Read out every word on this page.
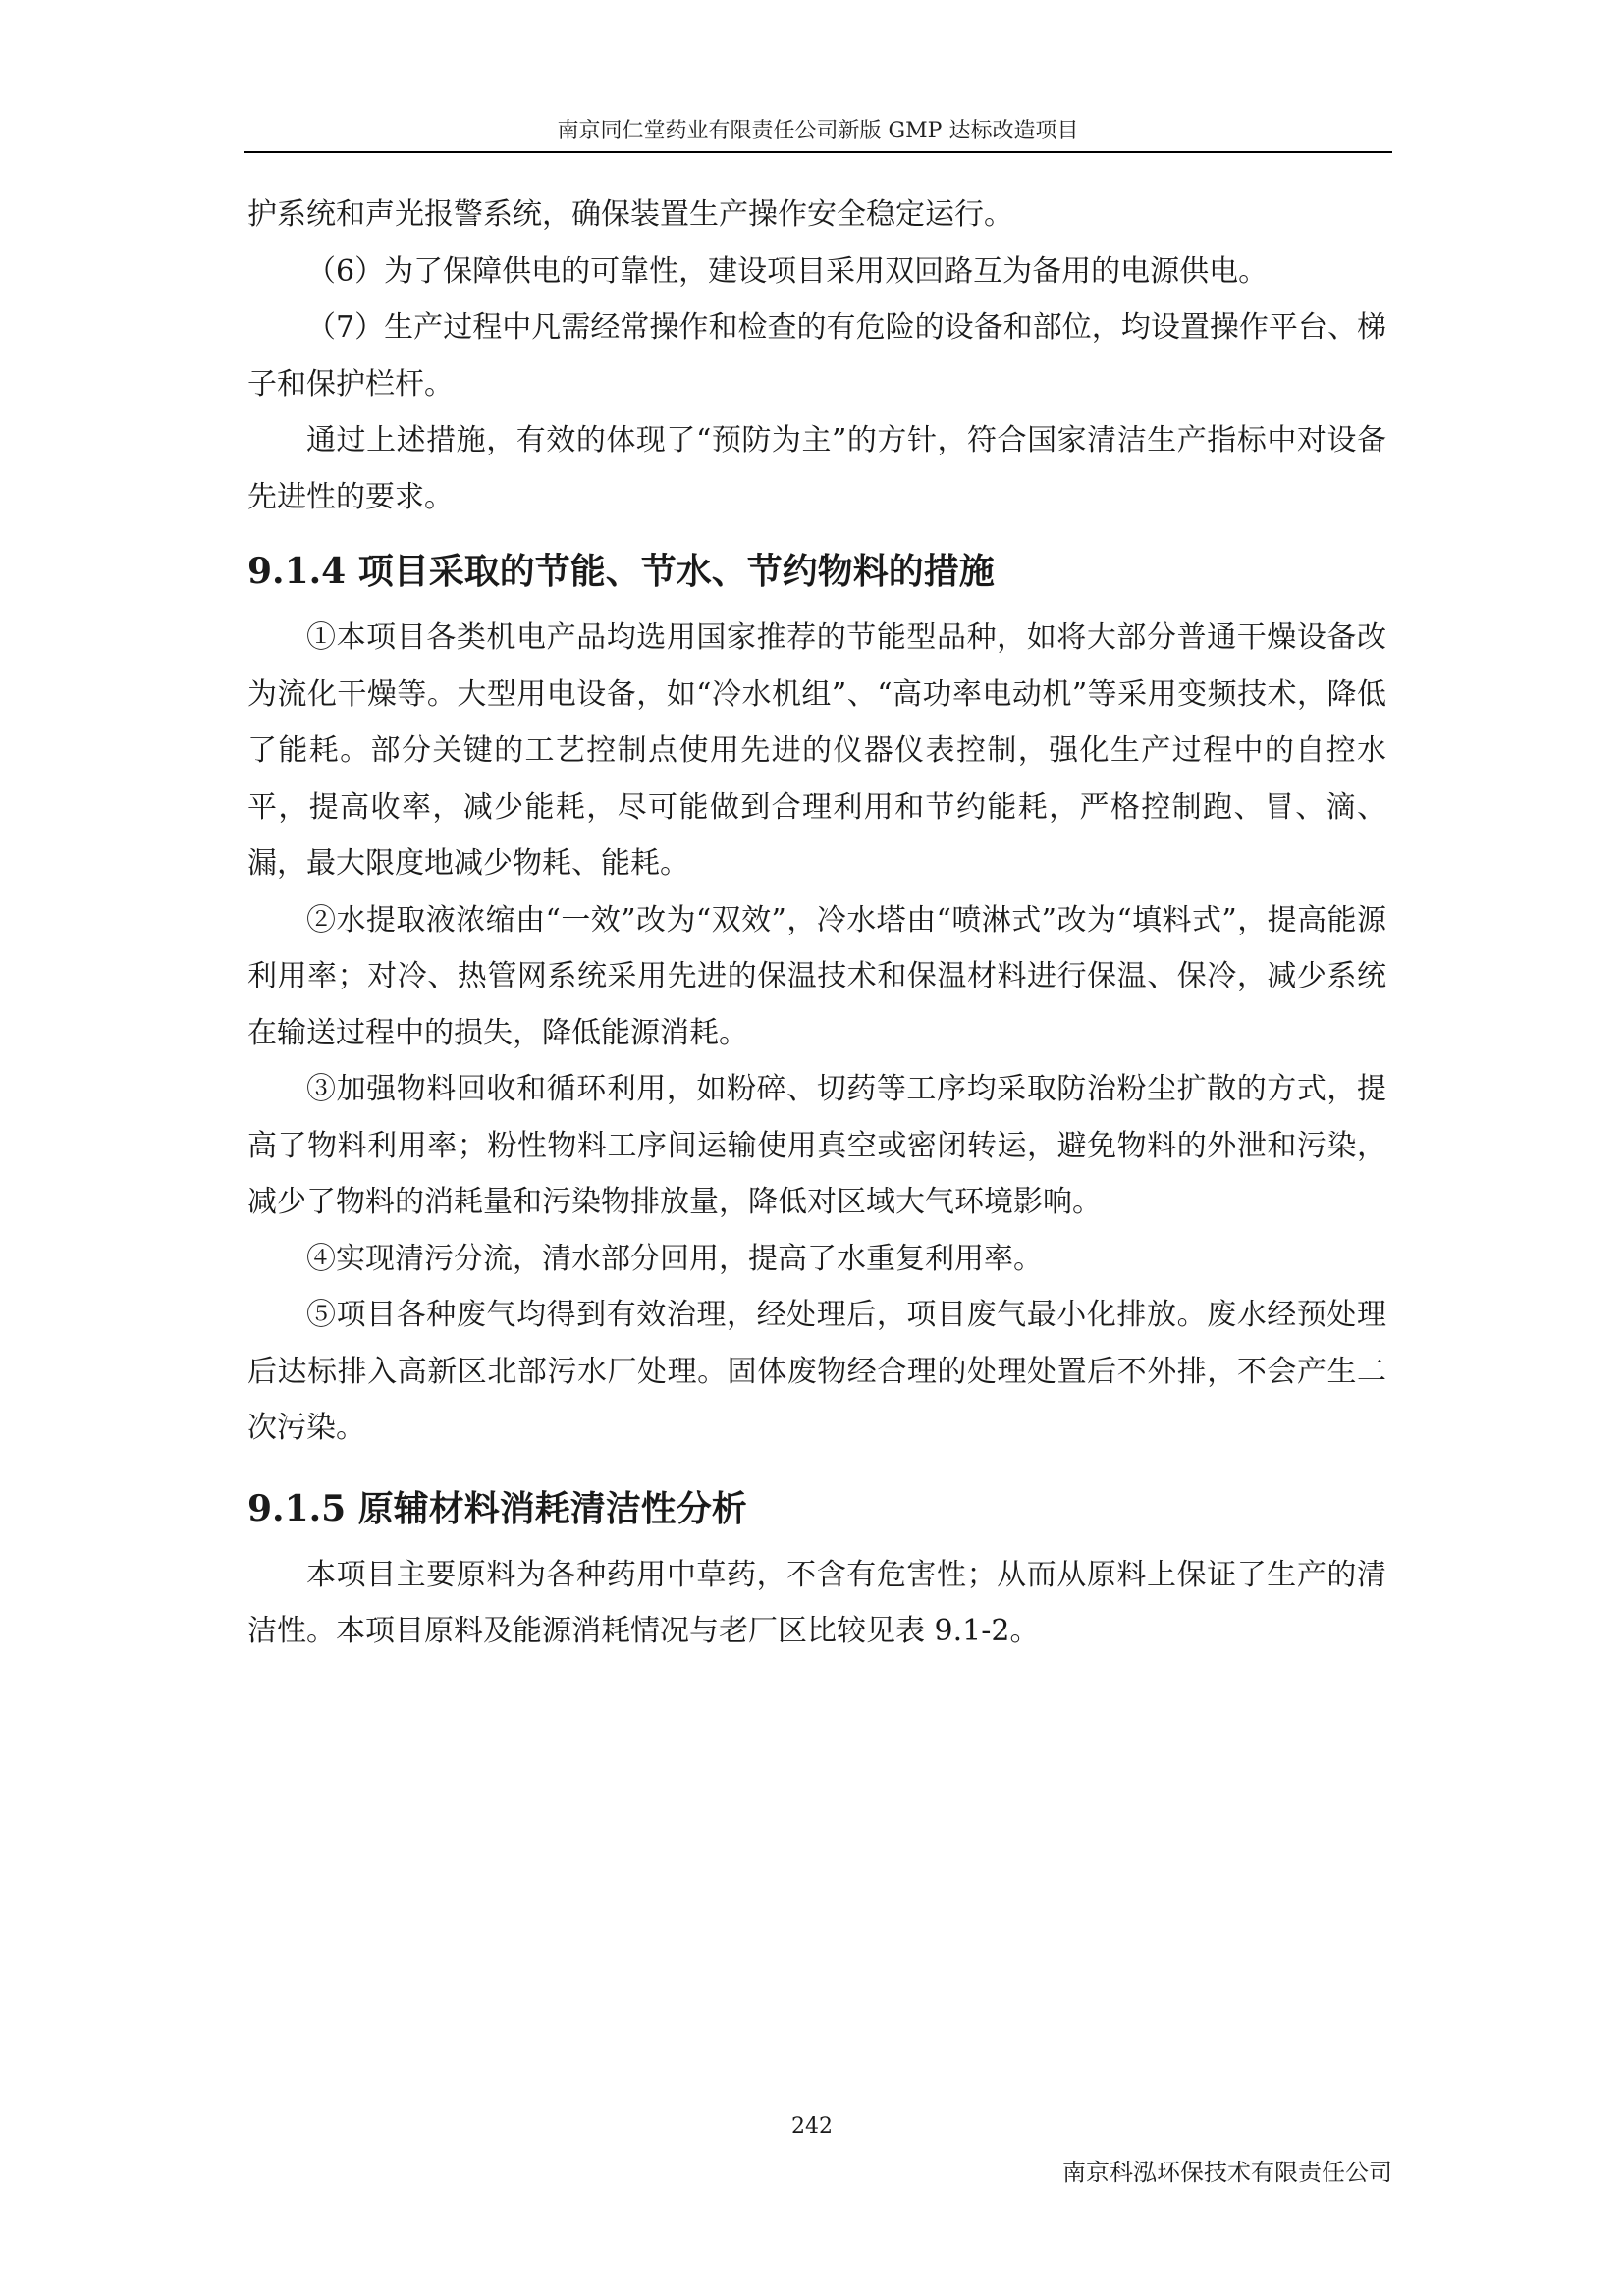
南京同仁堂药业有限责任公司新版 GMP 达标改造项目

护系统和声光报警系统，确保装置生产操作安全稳定运行。

（6）为了保障供电的可靠性，建设项目采用双回路互为备用的电源供电。

（7）生产过程中凡需经常操作和检查的有危险的设备和部位，均设置操作平台、梯子和保护栏杆。

通过上述措施，有效的体现了“预防为主”的方针，符合国家清洁生产指标中对设备先进性的要求。

9.1.4 项目采取的节能、节水、节约物料的措施

①本项目各类机电产品均选用国家推荐的节能型品种，如将大部分普通干燥设备改为流化干燥等。大型用电设备，如“冷水机组”、“高功率电动机”等采用变频技术，降低了能耗。部分关键的工艺控制点使用先进的仪器仪表控制，强化生产过程中的自控水平，提高收率，减少能耗，尽可能做到合理利用和节约能耗，严格控制跑、冒、滴、漏，最大限度地减少物耗、能耗。

②水提取液浓缩由“一效”改为“双效”，冷水塔由“喷淋式”改为“填料式”，提高能源利用率；对冷、热管网系统采用先进的保温技术和保温材料进行保温、保冷，减少系统在输送过程中的损失，降低能源消耗。

③加强物料回收和循环利用，如粉碎、切药等工序均采取防治粉尘扩散的方式，提高了物料利用率；粉性物料工序间运输使用真空或密闭转运，避免物料的外泄和污染，减少了物料的消耗量和污染物排放量，降低对区域大气环境影响。

④实现清污分流，清水部分回用，提高了水重复利用率。

⑤项目各种废气均得到有效治理，经处理后，项目废气最小化排放。废水经预处理后达标排入高新区北部污水厂处理。固体废物经合理的处理处置后不外排，不会产生二次污染。

9.1.5 原辅材料消耗清洁性分析

本项目主要原料为各种药用中草药，不含有危害性；从而从原料上保证了生产的清洁性。本项目原料及能源消耗情况与老厂区比较见表 9.1-2。

242
南京科泓环保技术有限责任公司
